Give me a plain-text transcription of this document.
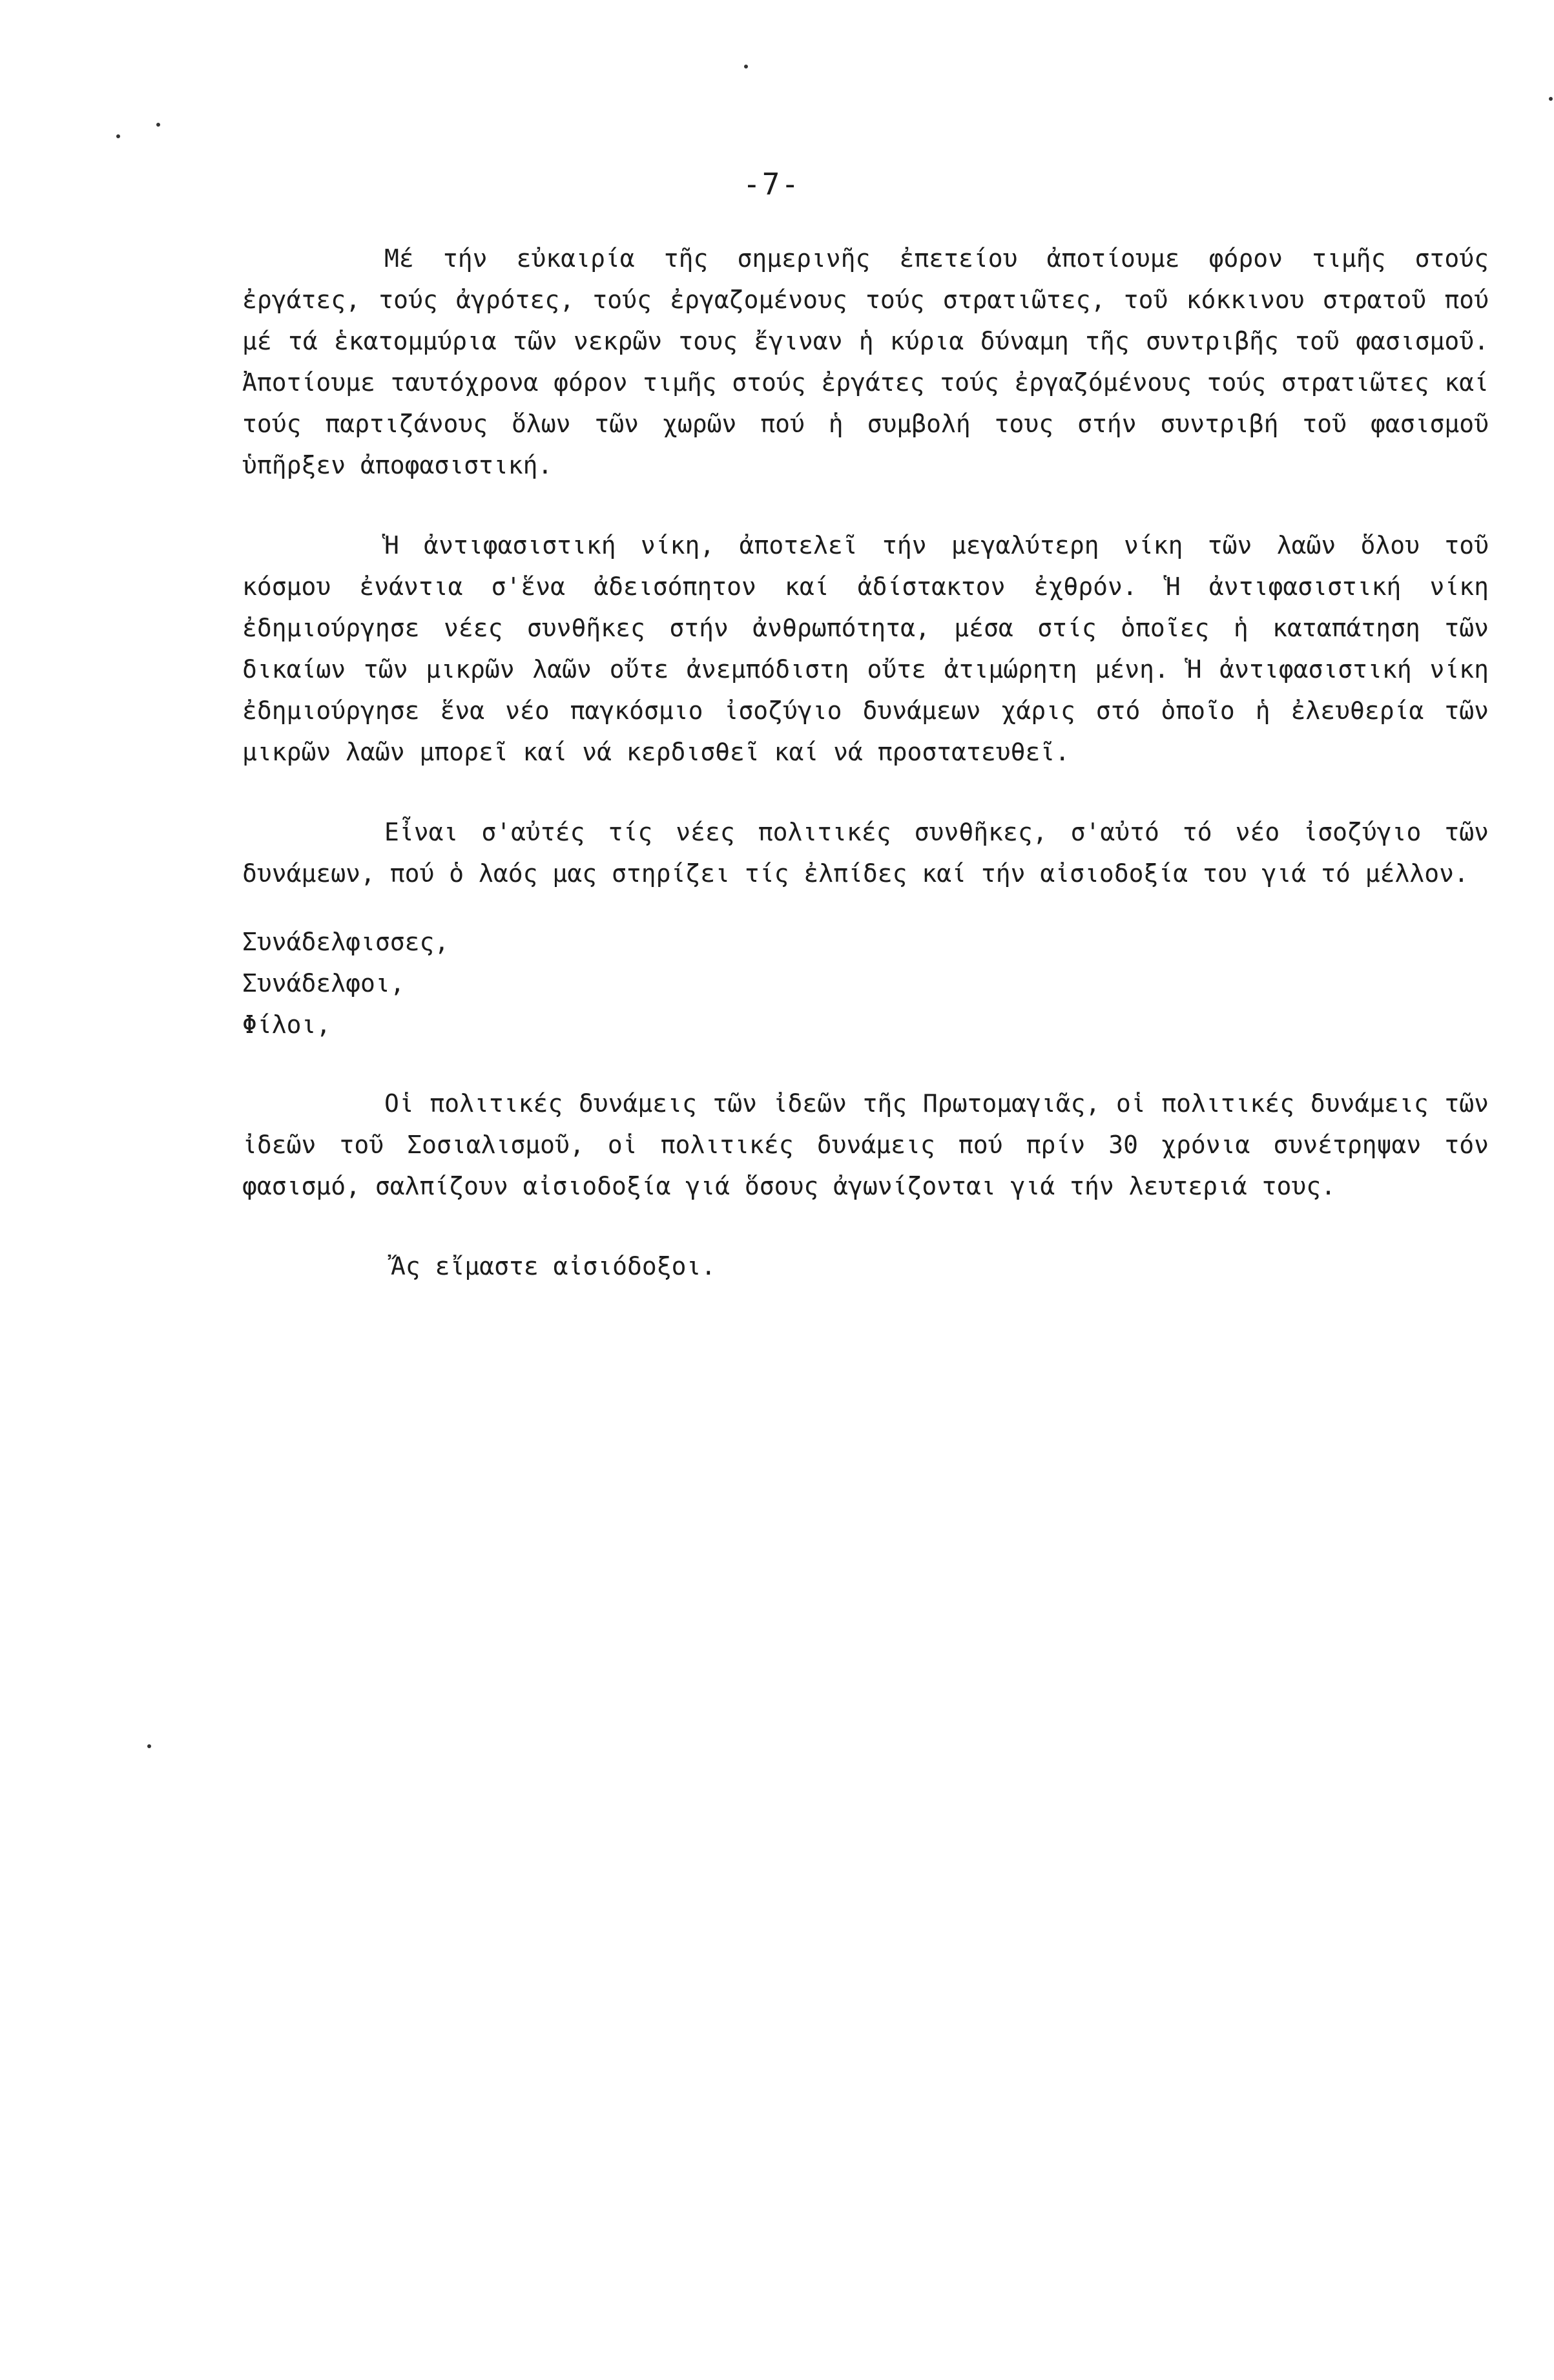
-7-

Μέ τήν εὐκαιρία τῆς σημερινῆς ἐπετείου ἀποτίουμε φόρον τιμῆς στούς ἐργάτες, τούς ἀγρότες, τούς ἐργαζομένους τούς στρατιῶτες, τοῦ κόκκινου στρατοῦ πού μέ τά ἑκατομμύρια τῶν νεκρῶν τους ἔγιναν ἡ κύρια δύναμη τῆς συντριβῆς τοῦ φασισμοῦ. Ἀποτίουμε ταυτόχρονα φόρον τιμῆς στούς ἐργάτες τούς ἐργαζόμένους τούς στρατιῶτες καί τούς παρτιζάνους ὅλων τῶν χωρῶν πού ἡ συμβολή τους στήν συντριβή τοῦ φασισμοῦ ὑπῆρξεν ἀποφασιστική.

Ἡ ἀντιφασιστική νίκη, ἀποτελεῖ τήν μεγαλύτερη νίκη τῶν λαῶν ὅλου τοῦ κόσμου ἐνάντια σ'ἕνα ἀδεισόπητον καί ἀδίστακτον ἐχθρόν. Ἡ ἀντιφασιστική νίκη ἐδημιούργησε νέες συνθῆκες στήν ἀνθρωπότητα, μέσα στίς ὁποῖες ἡ καταπάτηση τῶν δικαίων τῶν μικρῶν λαῶν οὔτε ἀνεμπόδιστη οὔτε ἀτιμώρητη μένη. Ἡ ἀντιφασιστική νίκη ἐδημιούργησε ἕνα νέο παγκόσμιο ἰσοζύγιο δυνάμεων χάρις στό ὁποῖο ἡ ἐλευθερία τῶν μικρῶν λαῶν μπορεῖ καί νά κερδισθεῖ καί νά προστατευθεῖ.

Εἶναι σ'αὐτές τίς νέες πολιτικές συνθῆκες, σ'αὐτό τό νέο ἰσοζύγιο τῶν δυνάμεων, πού ὁ λαός μας στηρίζει τίς ἐλπίδες καί τήν αἰσιοδοξία του γιά τό μέλλον.

Συνάδελφισσες,

Συνάδελφοι,

Φίλοι,

Οἱ πολιτικές δυνάμεις τῶν ἰδεῶν τῆς Πρωτομαγιᾶς, οἱ πολιτικές δυνάμεις τῶν ἰδεῶν τοῦ Σοσιαλισμοῦ, οἱ πολιτικές δυνάμεις πού πρίν 30 χρόνια συνέτρηψαν τόν φασισμό, σαλπίζουν αἰσιοδοξία γιά ὅσους ἀγωνίζονται γιά τήν λευτεριά τους.

Ἄς εἴμαστε αἰσιόδοξοι.
